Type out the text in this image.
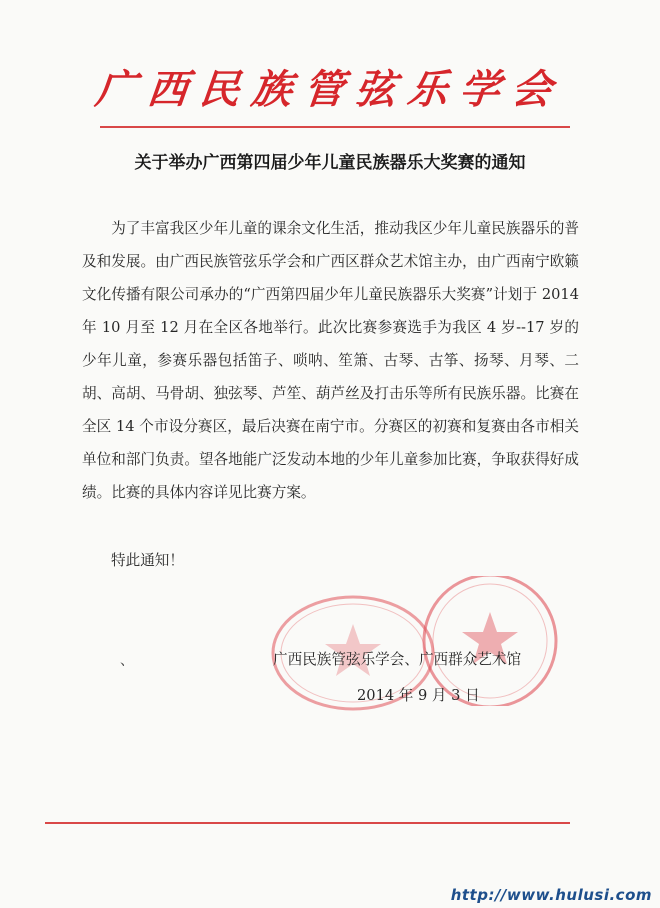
广西民族管弦乐学会
关于举办广西第四届少年儿童民族器乐大奖赛的通知

为了丰富我区少年儿童的课余文化生活，推动我区少年儿童民族器乐的普及和发展。由广西民族管弦乐学会和广西区群众艺术馆主办，由广西南宁欧籁文化传播有限公司承办的“广西第四届少年儿童民族器乐大奖赛”计划于 2014 年 10 月至 12 月在全区各地举行。此次比赛参赛选手为我区 4 岁--17 岁的少年儿童，参赛乐器包括笛子、唢呐、笙箫、古琴、古筝、扬琴、月琴、二胡、高胡、马骨胡、独弦琴、芦笙、葫芦丝及打击乐等所有民族乐器。比赛在全区 14 个市设分赛区，最后决赛在南宁市。分赛区的初赛和复赛由各市相关单位和部门负责。望各地能广泛发动本地的少年儿童参加比赛，争取获得好成绩。比赛的具体内容详见比赛方案。

特此通知！
、	广西民族管弦乐学会、广西群众艺术馆
2014 年 9 月 3 日
http://www.hulusi.com
